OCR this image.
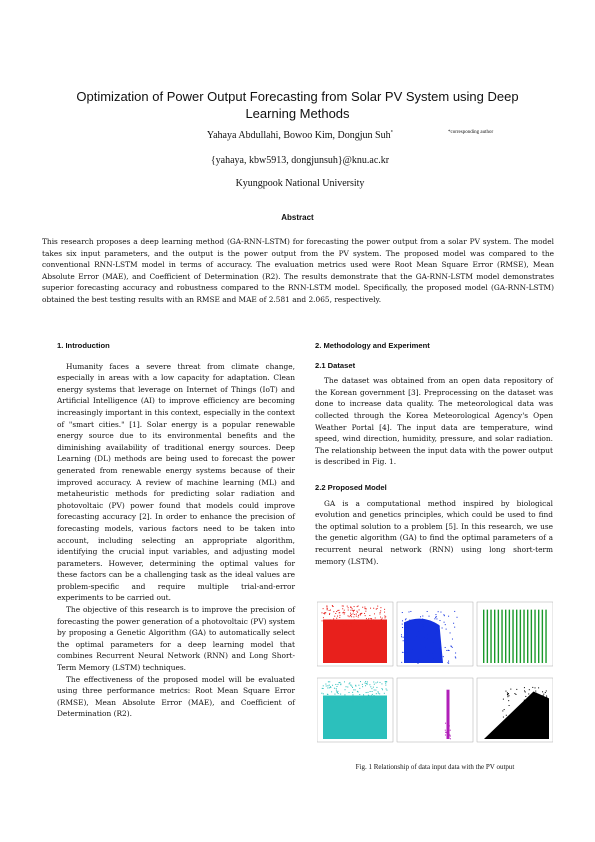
Optimization of Power Output Forecasting from Solar PV System using Deep Learning Methods
Yahaya Abdullahi, Bowoo Kim, Dongjun Suh*	*corresponding author
{yahaya, kbw5913, dongjunsuh}@knu.ac.kr
Kyungpook National University
Abstract
This research proposes a deep learning method (GA-RNN-LSTM) for forecasting the power output from a solar PV system. The model takes six input parameters, and the output is the power output from the PV system. The proposed model was compared to the conventional RNN-LSTM model in terms of accuracy. The evaluation metrics used were Root Mean Square Error (RMSE), Mean Absolute Error (MAE), and Coefficient of Determination (R2). The results demonstrate that the GA-RNN-LSTM model demonstrates superior forecasting accuracy and robustness compared to the RNN-LSTM model. Specifically, the proposed model (GA-RNN-LSTM) obtained the best testing results with an RMSE and MAE of 2.581 and 2.065, respectively.
1. Introduction

Humanity faces a severe threat from climate change, especially in areas with a low capacity for adaptation. Clean energy systems that leverage on Internet of Things (IoT) and Artificial Intelligence (AI) to improve efficiency are becoming increasingly important in this context, especially in the context of "smart cities." [1]. Solar energy is a popular renewable energy source due to its environmental benefits and the diminishing availability of traditional energy sources. Deep Learning (DL) methods are being used to forecast the power generated from renewable energy systems because of their improved accuracy. A review of machine learning (ML) and metaheuristic methods for predicting solar radiation and photovoltaic (PV) power found that models could improve forecasting accuracy [2]. In order to enhance the precision of forecasting models, various factors need to be taken into account, including selecting an appropriate algorithm, identifying the crucial input variables, and adjusting model parameters. However, determining the optimal values for these factors can be a challenging task as the ideal values are problem-specific and require multiple trial-and-error experiments to be carried out.

The objective of this research is to improve the precision of forecasting the power generation of a photovoltaic (PV) system by proposing a Genetic Algorithm (GA) to automatically select the optimal parameters for a deep learning model that combines Recurrent Neural Network (RNN) and Long Short-Term Memory (LSTM) techniques.

The effectiveness of the proposed model will be evaluated using three performance metrics: Root Mean Square Error (RMSE), Mean Absolute Error (MAE), and Coefficient of Determination (R2).

2. Methodology and Experiment
2.1 Dataset

The dataset was obtained from an open data repository of the Korean government [3]. Preprocessing on the dataset was done to increase data quality. The meteorological data was collected through the Korea Meteorological Agency's Open Weather Portal [4]. The input data are temperature, wind speed, wind direction, humidity, pressure, and solar radiation. The relationship between the input data with the power output is described in Fig. 1.

2.2 Proposed Model

GA is a computational method inspired by biological evolution and genetics principles, which could be used to find the optimal solution to a problem [5]. In this research, we use the genetic algorithm (GA) to find the optimal parameters of a recurrent neural network (RNN) using long short-term memory (LSTM).

Fig. 1 Relationship of data input data with the PV output
